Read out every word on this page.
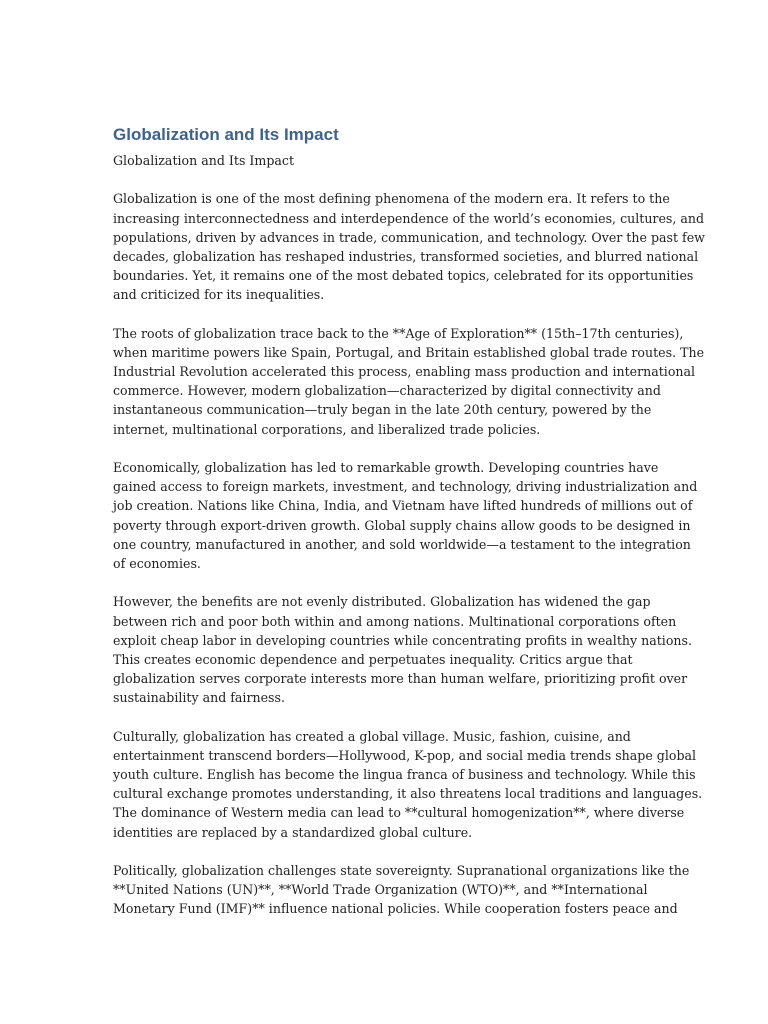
Globalization and Its Impact
Globalization and Its Impact

Globalization is one of the most defining phenomena of the modern era. It refers to the
increasing interconnectedness and interdependence of the world’s economies, cultures, and
populations, driven by advances in trade, communication, and technology. Over the past few
decades, globalization has reshaped industries, transformed societies, and blurred national
boundaries. Yet, it remains one of the most debated topics, celebrated for its opportunities
and criticized for its inequalities.

The roots of globalization trace back to the **Age of Exploration** (15th–17th centuries),
when maritime powers like Spain, Portugal, and Britain established global trade routes. The
Industrial Revolution accelerated this process, enabling mass production and international
commerce. However, modern globalization—characterized by digital connectivity and
instantaneous communication—truly began in the late 20th century, powered by the
internet, multinational corporations, and liberalized trade policies.

Economically, globalization has led to remarkable growth. Developing countries have
gained access to foreign markets, investment, and technology, driving industrialization and
job creation. Nations like China, India, and Vietnam have lifted hundreds of millions out of
poverty through export-driven growth. Global supply chains allow goods to be designed in
one country, manufactured in another, and sold worldwide—a testament to the integration
of economies.

However, the benefits are not evenly distributed. Globalization has widened the gap
between rich and poor both within and among nations. Multinational corporations often
exploit cheap labor in developing countries while concentrating profits in wealthy nations.
This creates economic dependence and perpetuates inequality. Critics argue that
globalization serves corporate interests more than human welfare, prioritizing profit over
sustainability and fairness.

Culturally, globalization has created a global village. Music, fashion, cuisine, and
entertainment transcend borders—Hollywood, K-pop, and social media trends shape global
youth culture. English has become the lingua franca of business and technology. While this
cultural exchange promotes understanding, it also threatens local traditions and languages.
The dominance of Western media can lead to **cultural homogenization**, where diverse
identities are replaced by a standardized global culture.

Politically, globalization challenges state sovereignty. Supranational organizations like the
**United Nations (UN)**, **World Trade Organization (WTO)**, and **International
Monetary Fund (IMF)** influence national policies. While cooperation fosters peace and
